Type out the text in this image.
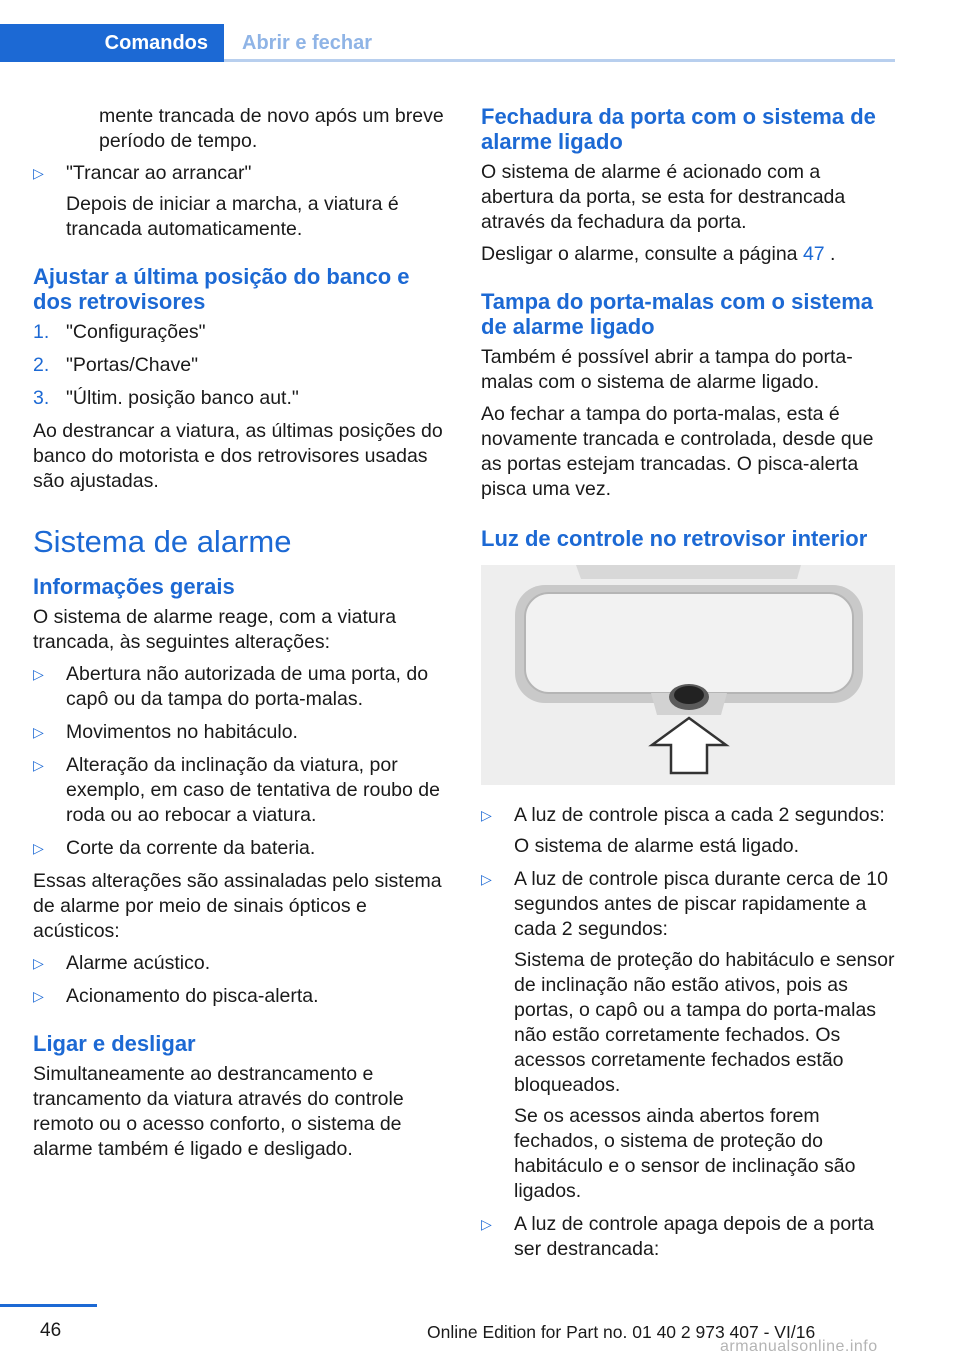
Comandos Abrir e fechar

mente trancada de novo após um breve período de tempo.

▷ "Trancar ao arrancar"

Depois de iniciar a marcha, a viatura é trancada automaticamente.

Ajustar a última posição do banco e dos retrovisores
1. "Configurações"
2. "Portas/Chave"
3. "Últim. posição banco aut."

Ao destrancar a viatura, as últimas posições do banco do motorista e dos retrovisores usadas são ajustadas.

Sistema de alarme
Informações gerais

O sistema de alarme reage, com a viatura trancada, às seguintes alterações:

▷ Abertura não autorizada de uma porta, do capô ou da tampa do porta-malas.
▷ Movimentos no habitáculo.
▷ Alteração da inclinação da viatura, por exemplo, em caso de tentativa de roubo de roda ou ao rebocar a viatura.
▷ Corte da corrente da bateria.

Essas alterações são assinaladas pelo sistema de alarme por meio de sinais ópticos e acústicos:

▷ Alarme acústico.
▷ Acionamento do pisca-alerta.
Ligar e desligar

Simultaneamente ao destrancamento e trancamento da viatura através do controle remoto ou o acesso conforto, o sistema de alarme também é ligado e desligado.

Fechadura da porta com o sistema de alarme ligado

O sistema de alarme é acionado com a abertura da porta, se esta for destrancada através da fechadura da porta.

Desligar o alarme, consulte a página 47 .

Tampa do porta-malas com o sistema de alarme ligado

Também é possível abrir a tampa do porta-malas com o sistema de alarme ligado.

Ao fechar a tampa do porta-malas, esta é novamente trancada e controlada, desde que as portas estejam trancadas. O pisca-alerta pisca uma vez.

Luz de controle no retrovisor interior
▷ A luz de controle pisca a cada 2 segundos:

O sistema de alarme está ligado.

▷ A luz de controle pisca durante cerca de 10 segundos antes de piscar rapidamente a cada 2 segundos:

Sistema de proteção do habitáculo e sensor de inclinação não estão ativos, pois as portas, o capô ou a tampa do porta-malas não estão corretamente fechados. Os acessos corretamente fechados estão bloqueados.

Se os acessos ainda abertos forem fechados, o sistema de proteção do habitáculo e o sensor de inclinação são ligados.

▷ A luz de controle apaga depois de a porta ser destrancada:
46	Online Edition for Part no. 01 40 2 973 407 - VI/16
armanualsonline.info
